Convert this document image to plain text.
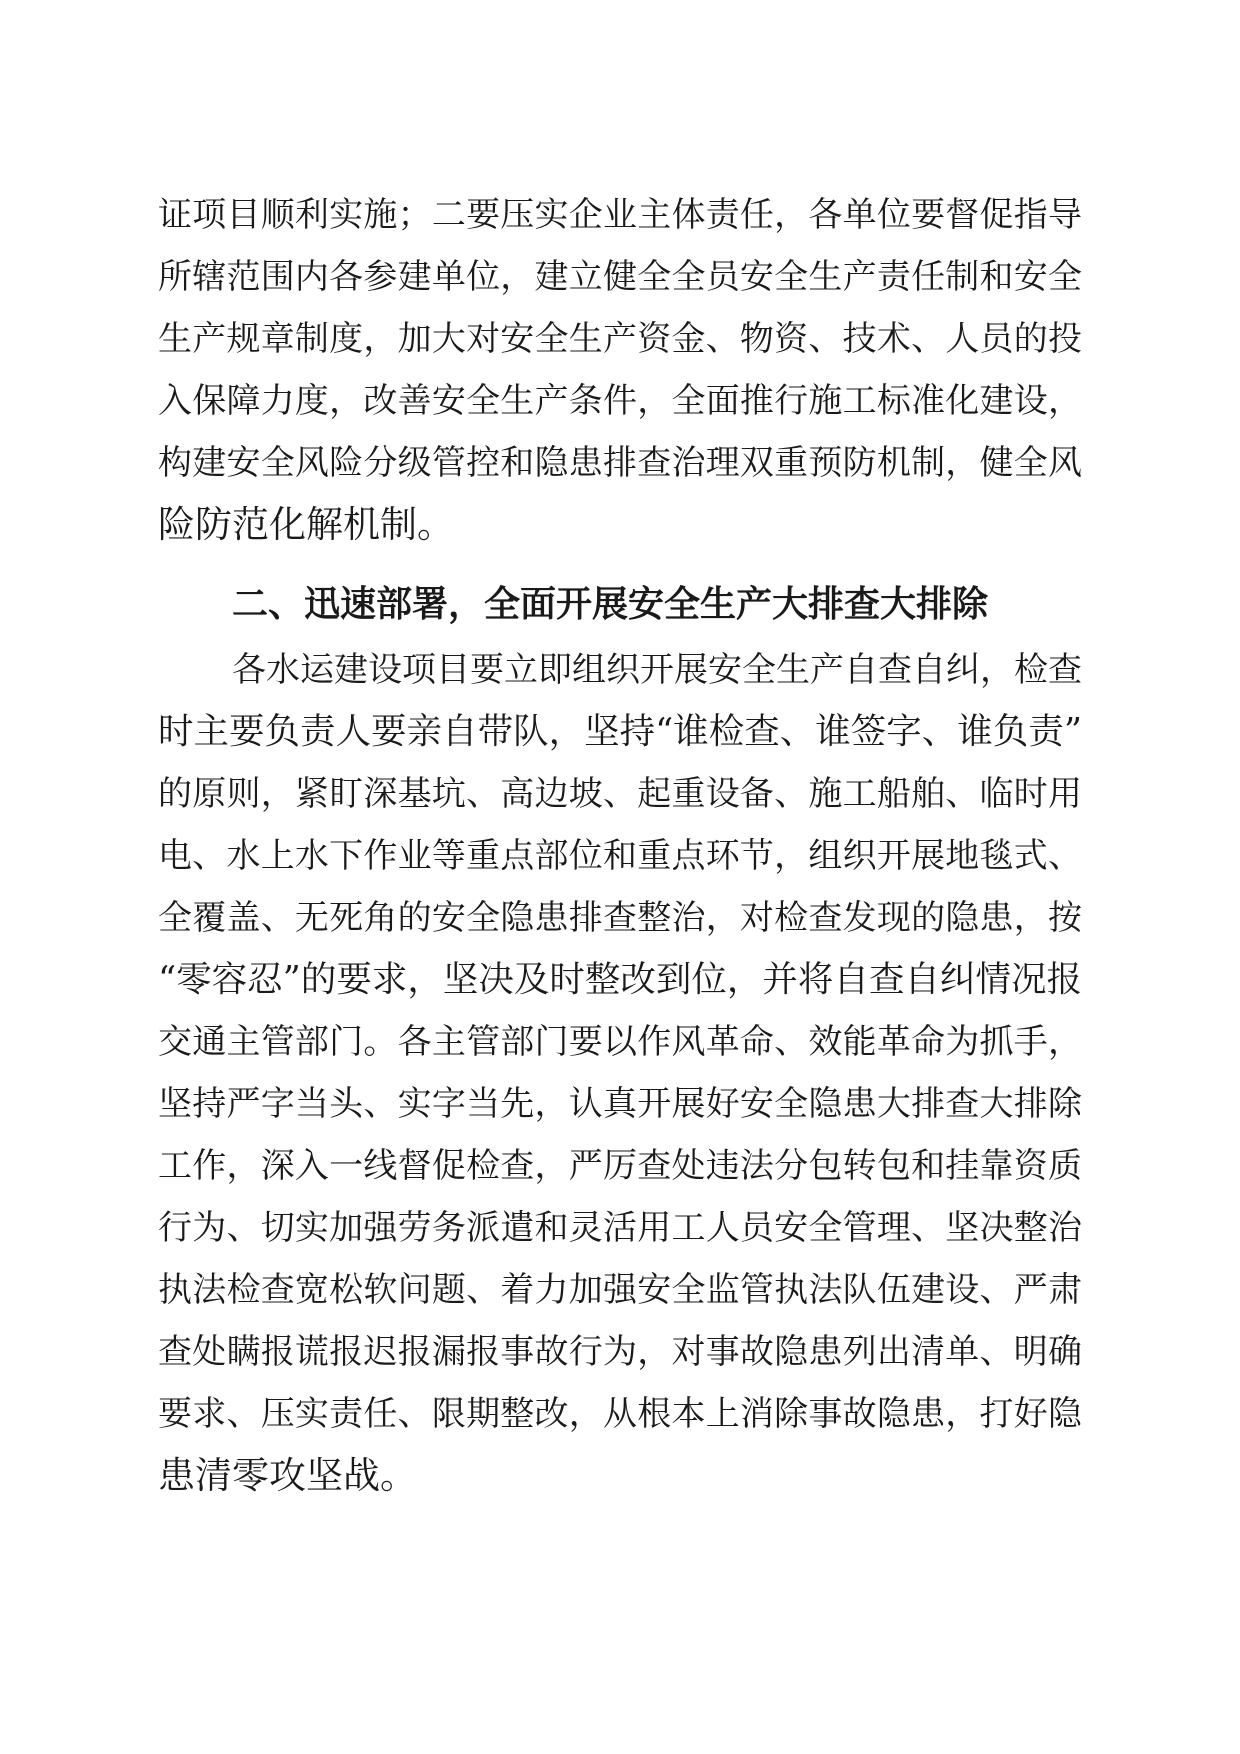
证项目顺利实施；二要压实企业主体责任，各单位要督促指导
所辖范围内各参建单位，建立健全全员安全生产责任制和安全
生产规章制度，加大对安全生产资金、物资、技术、人员的投
入保障力度，改善安全生产条件，全面推行施工标准化建设，
构建安全风险分级管控和隐患排查治理双重预防机制，健全风
险防范化解机制。
二、迅速部署，全面开展安全生产大排查大排除
各水运建设项目要立即组织开展安全生产自查自纠，检查
时主要负责人要亲自带队，坚持“谁检查、谁签字、谁负责”
的原则，紧盯深基坑、高边坡、起重设备、施工船舶、临时用
电、水上水下作业等重点部位和重点环节，组织开展地毯式、
全覆盖、无死角的安全隐患排查整治，对检查发现的隐患，按
“零容忍”的要求，坚决及时整改到位，并将自查自纠情况报
交通主管部门。各主管部门要以作风革命、效能革命为抓手，
坚持严字当头、实字当先，认真开展好安全隐患大排查大排除
工作，深入一线督促检查，严厉查处违法分包转包和挂靠资质
行为、切实加强劳务派遣和灵活用工人员安全管理、坚决整治
执法检查宽松软问题、着力加强安全监管执法队伍建设、严肃
查处瞒报谎报迟报漏报事故行为，对事故隐患列出清单、明确
要求、压实责任、限期整改，从根本上消除事故隐患，打好隐
患清零攻坚战。
